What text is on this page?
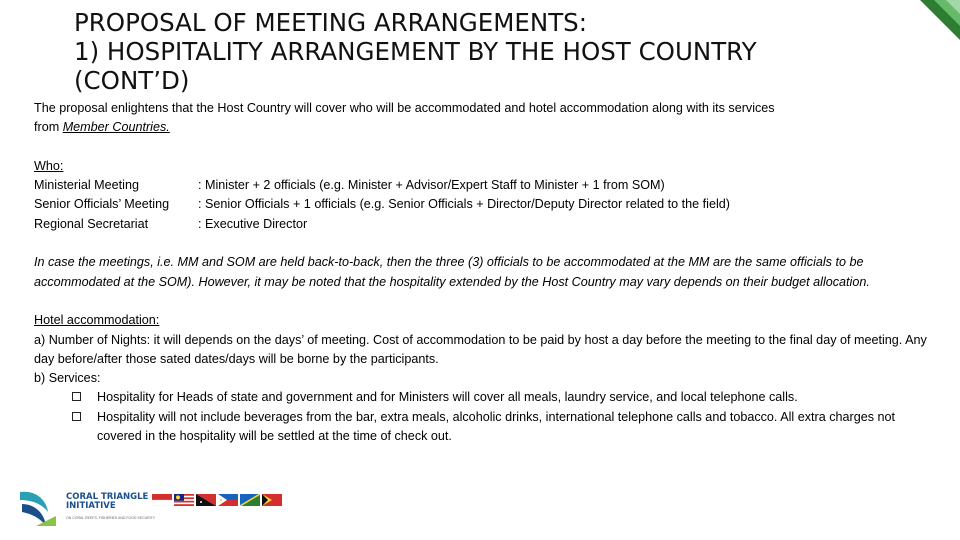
PROPOSAL OF MEETING ARRANGEMENTS:
1) HOSPITALITY ARRANGEMENT BY THE HOST COUNTRY
(CONT’D)

The proposal enlightens that the Host Country will cover who will be accommodated and hotel accommodation along with its services
from Member Countries.

Who:

Ministerial Meeting	: Minister + 2 officials (e.g. Minister + Advisor/Expert Staff to Minister + 1 from SOM)
Senior Officials’ Meeting : Senior Officials + 1 officials (e.g. Senior Officials + Director/Deputy Director related to the field)
Regional Secretariat	: Executive Director

In case the meetings, i.e. MM and SOM are held back-to-back, then the three (3) officials to be accommodated at the MM are the same officials to be accommodated at the SOM). However, it may be noted that the hospitality extended by the Host Country may vary depends on their budget allocation.

Hotel accommodation:

a) Number of Nights: it will depends on the days’ of meeting. Cost of accommodation to be paid by host a day before the meeting to the final day of meeting. Any day before/after those sated dates/days will be borne by the participants.

b) Services:

Hospitality for Heads of state and government and for Ministers will cover all meals, laundry service, and local telephone calls.
Hospitality will not include beverages from the bar, extra meals, alcoholic drinks, international telephone calls and tobacco. All extra charges not covered in the hospitality will be settled at the time of check out.
CORAL TRIANGLE
INITIATIVE
ON CORAL REEFS, FISHERIES AND FOOD SECURITY
